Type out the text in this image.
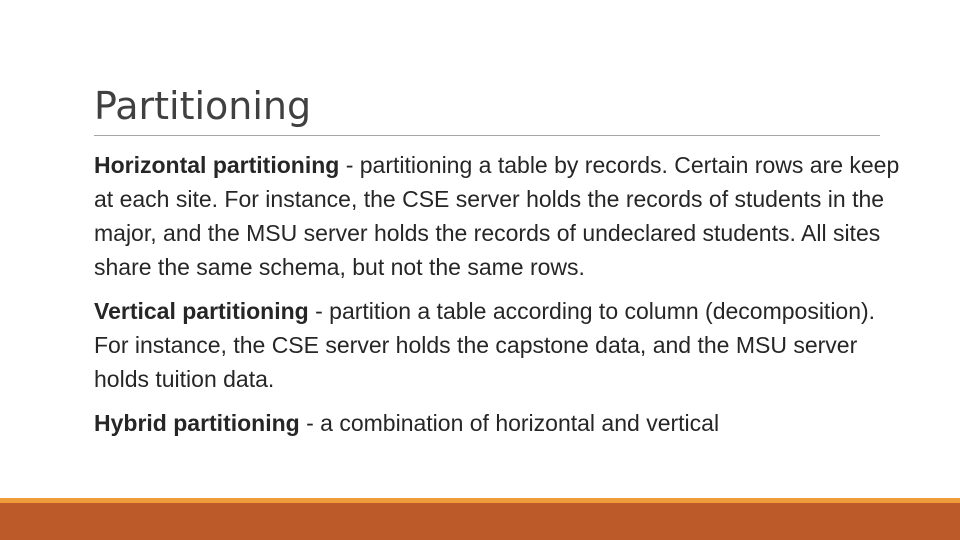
Partitioning

Horizontal partitioning - partitioning a table by records. Certain rows are keep at each site. For instance, the CSE server holds the records of students in the major, and the MSU server holds the records of undeclared students. All sites share the same schema, but not the same rows.

Vertical partitioning - partition a table according to column (decomposition). For instance, the CSE server holds the capstone data, and the MSU server holds tuition data.

Hybrid partitioning - a combination of horizontal and vertical
